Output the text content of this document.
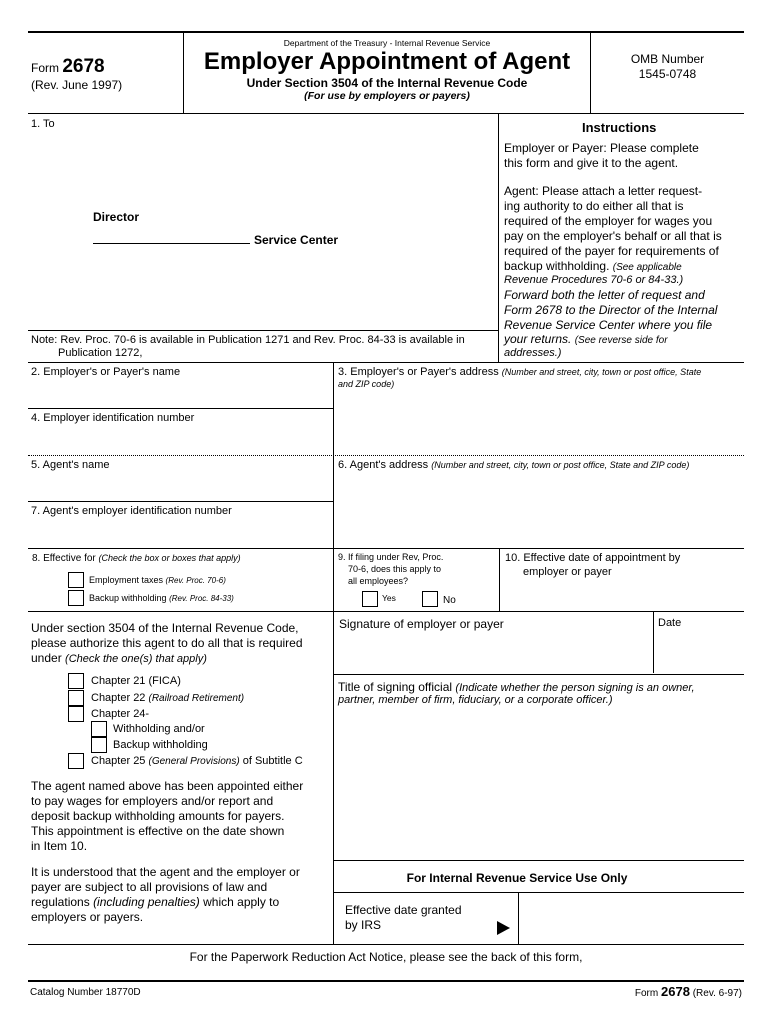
Form 2678
(Rev. June 1997)
Department of the Treasury - Internal Revenue Service
Employer Appointment of Agent
Under Section 3504 of the Internal Revenue Code
(For use by employers or payers)
OMB Number
1545-0748
1. To
Director
Service Center
Note: Rev. Proc. 70-6 is available in Publication 1271 and Rev. Proc. 84-33 is available in
Publication 1272,
Instructions
Employer or Payer: Please complete
this form and give it to the agent.
Agent: Please attach a letter request-
ing authority to do either all that is
required of the employer for wages you
pay on the employer's behalf or all that is
required of the payer for requirements of
backup withholding. (See applicable
Revenue Procedures 70-6 or 84-33.)
Forward both the letter of request and
Form 2678 to the Director of the Internal
Revenue Service Center where you file
your returns. (See reverse side for
addresses.)
2. Employer's or Payer's name
4. Employer identification number
3. Employer's or Payer's address (Number and street, city, town or post office, State
and ZIP code)
5. Agent's name
7. Agent's employer identification number
6. Agent's address (Number and street, city, town or post office, State and ZIP code)
8. Effective for (Check the box or boxes that apply)
Employment taxes (Rev. Proc. 70-6)
Backup withholding (Rev. Proc. 84-33)
9. If filing under Rev, Proc.
70-6, does this apply to
all employees?
Yes	No
10. Effective date of appointment by
employer or payer
Under section 3504 of the Internal Revenue Code,
please authorize this agent to do all that is required
under (Check the one(s) that apply)
Chapter 21 (FICA)
Chapter 22 (Railroad Retirement)
Chapter 24-
Withholding and/or
Backup withholding
Chapter 25 (General Provisions) of Subtitle C
The agent named above has been appointed either
to pay wages for employers and/or report and
deposit backup withholding amounts for payers.
This appointment is effective on the date shown
in Item 10.
It is understood that the agent and the employer or
payer are subject to all provisions of law and
regulations (including penalties) which apply to
employers or payers.
Signature of employer or payer	Date
Title of signing official (Indicate whether the person signing is an owner,
partner, member of firm, fiduciary, or a corporate officer.)
For Internal Revenue Service Use Only
Effective date granted
by IRS
For the Paperwork Reduction Act Notice, please see the back of this form,
Catalog Number 18770D	Form 2678 (Rev. 6-97)
